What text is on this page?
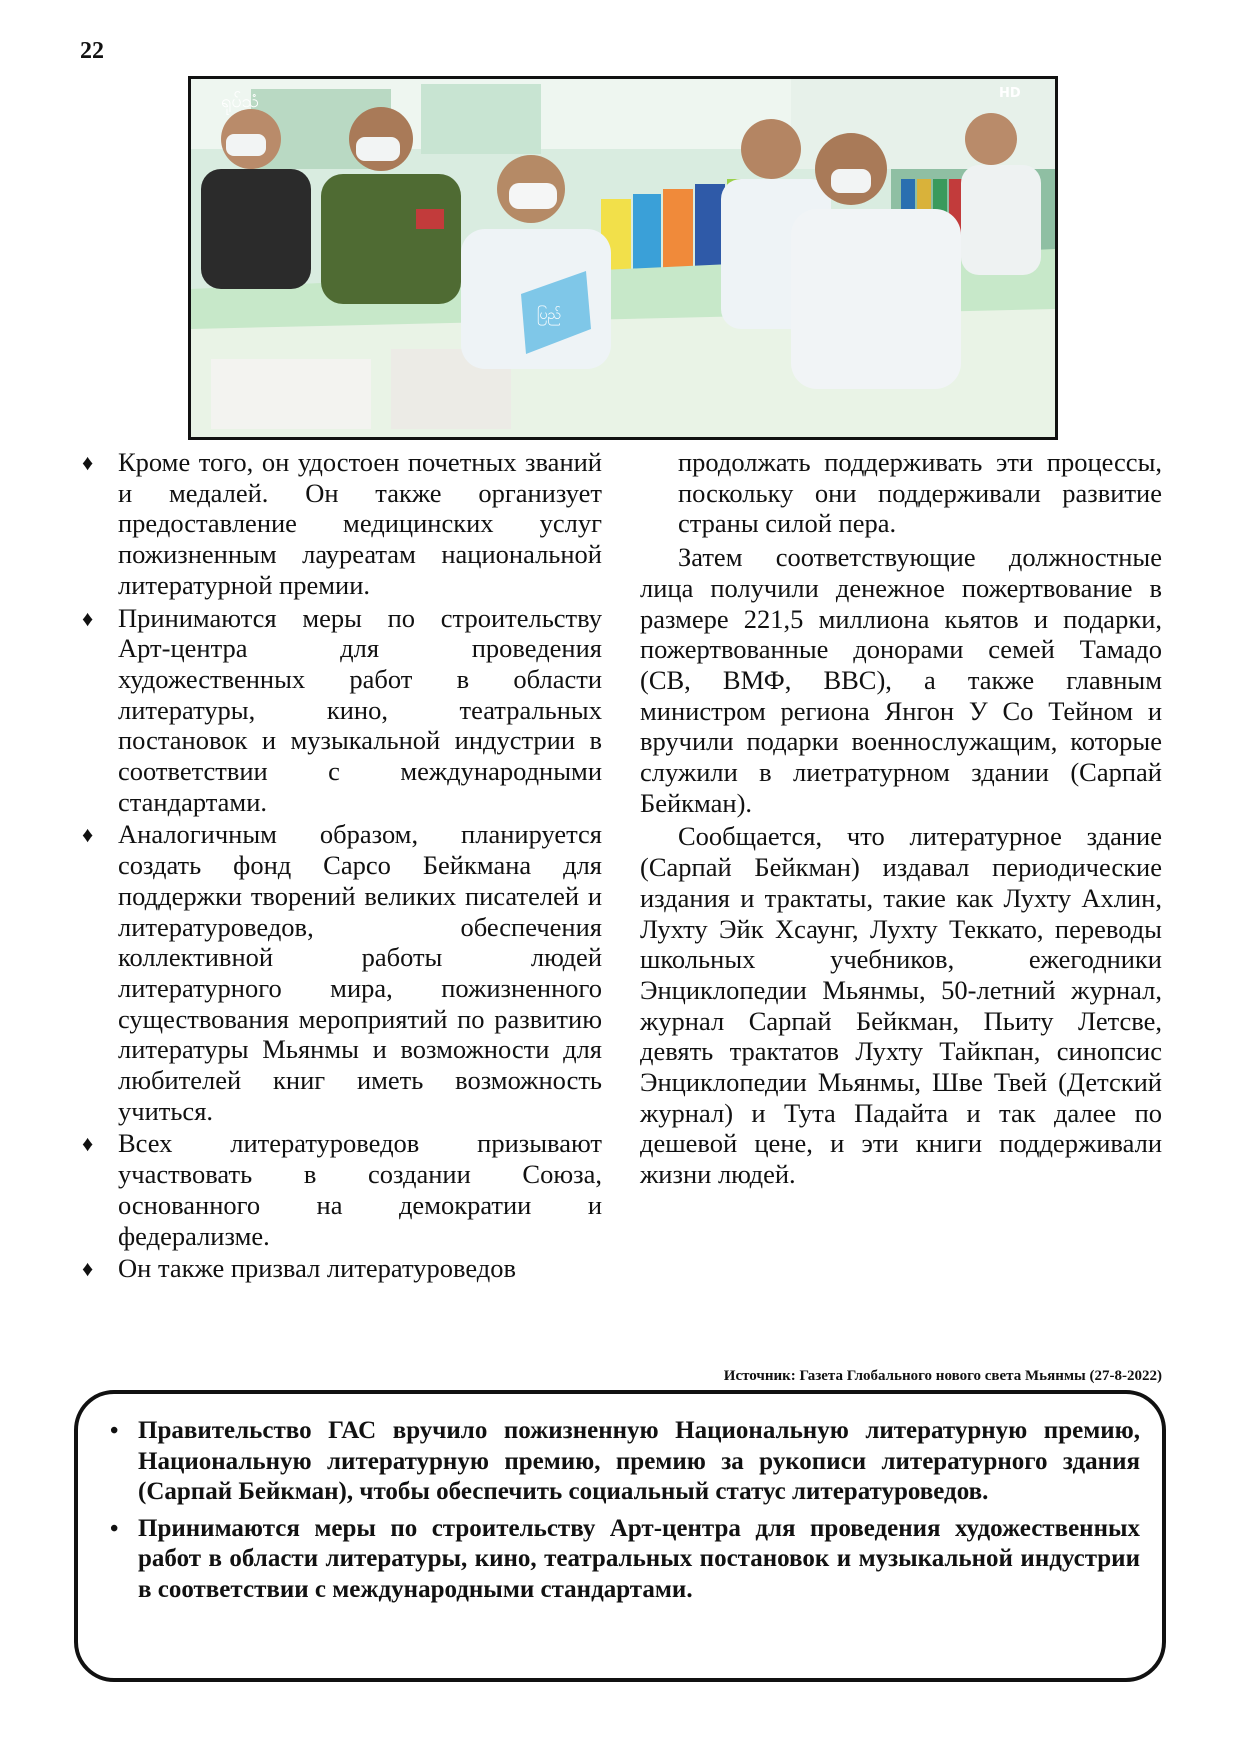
22
ပြည်
ရုပ်သံ	HD
♦ Кроме того, он удостоен почетных званий и медалей. Он также организует предоставление медицинских услуг пожизненным лауреатам национальной литературной премии.
♦ Принимаются меры по строительству Арт-центра для проведения художественных работ в области литературы, кино, театральных постановок и музыкальной индустрии в соответствии с международными стандартами.
♦ Аналогичным образом, планируется создать фонд Сарсо Бейкмана для поддержки творений великих писателей и литературоведов, обеспечения коллективной работы людей литературного мира, пожизненного существования мероприятий по развитию литературы Мьянмы и возможности для любителей книг иметь возможность учиться.
♦ Всех литературоведов призывают участвовать в создании Союза, основанного на демократии и федерализме.
♦ Он также призвал литературоведов

продолжать поддерживать эти процессы, поскольку они поддерживали развитие страны силой пера.

Затем соответствующие должностные лица получили денежное пожертвование в размере 221,5 миллиона кьятов и подарки, пожертвованные донорами семей Тамадо (СВ, ВМФ, ВВС), а также главным министром региона Янгон У Со Тейном и вручили подарки военнослужащим, которые служили в лиетратурном здании (Сарпай Бейкман).

Сообщается, что литературное здание (Сарпай Бейкман) издавал периодические издания и трактаты, такие как Лухту Ахлин, Лухту Эйк Хсаунг, Лухту Теккато, переводы школьных учебников, ежегодники Энциклопедии Мьянмы, 50-летний журнал, журнал Сарпай Бейкман, Пьиту Летсве, девять трактатов Лухту Тайкпан, синопсис Энциклопедии Мьянмы, Шве Твей (Детский журнал) и Тута Падайта и так далее по дешевой цене, и эти книги поддерживали жизни людей.

Источник: Газета Глобального нового света Мьянмы (27-8-2022)
• Правительство ГАС вручило пожизненную Национальную литературную премию, Национальную литературную премию, премию за рукописи литературного здания (Сарпай Бейкман), чтобы обеспечить социальный статус литературоведов.
• Принимаются меры по строительству Арт-центра для проведения художественных работ в области литературы, кино, театральных постановок и музыкальной индустрии в соответствии с международными стандартами.
